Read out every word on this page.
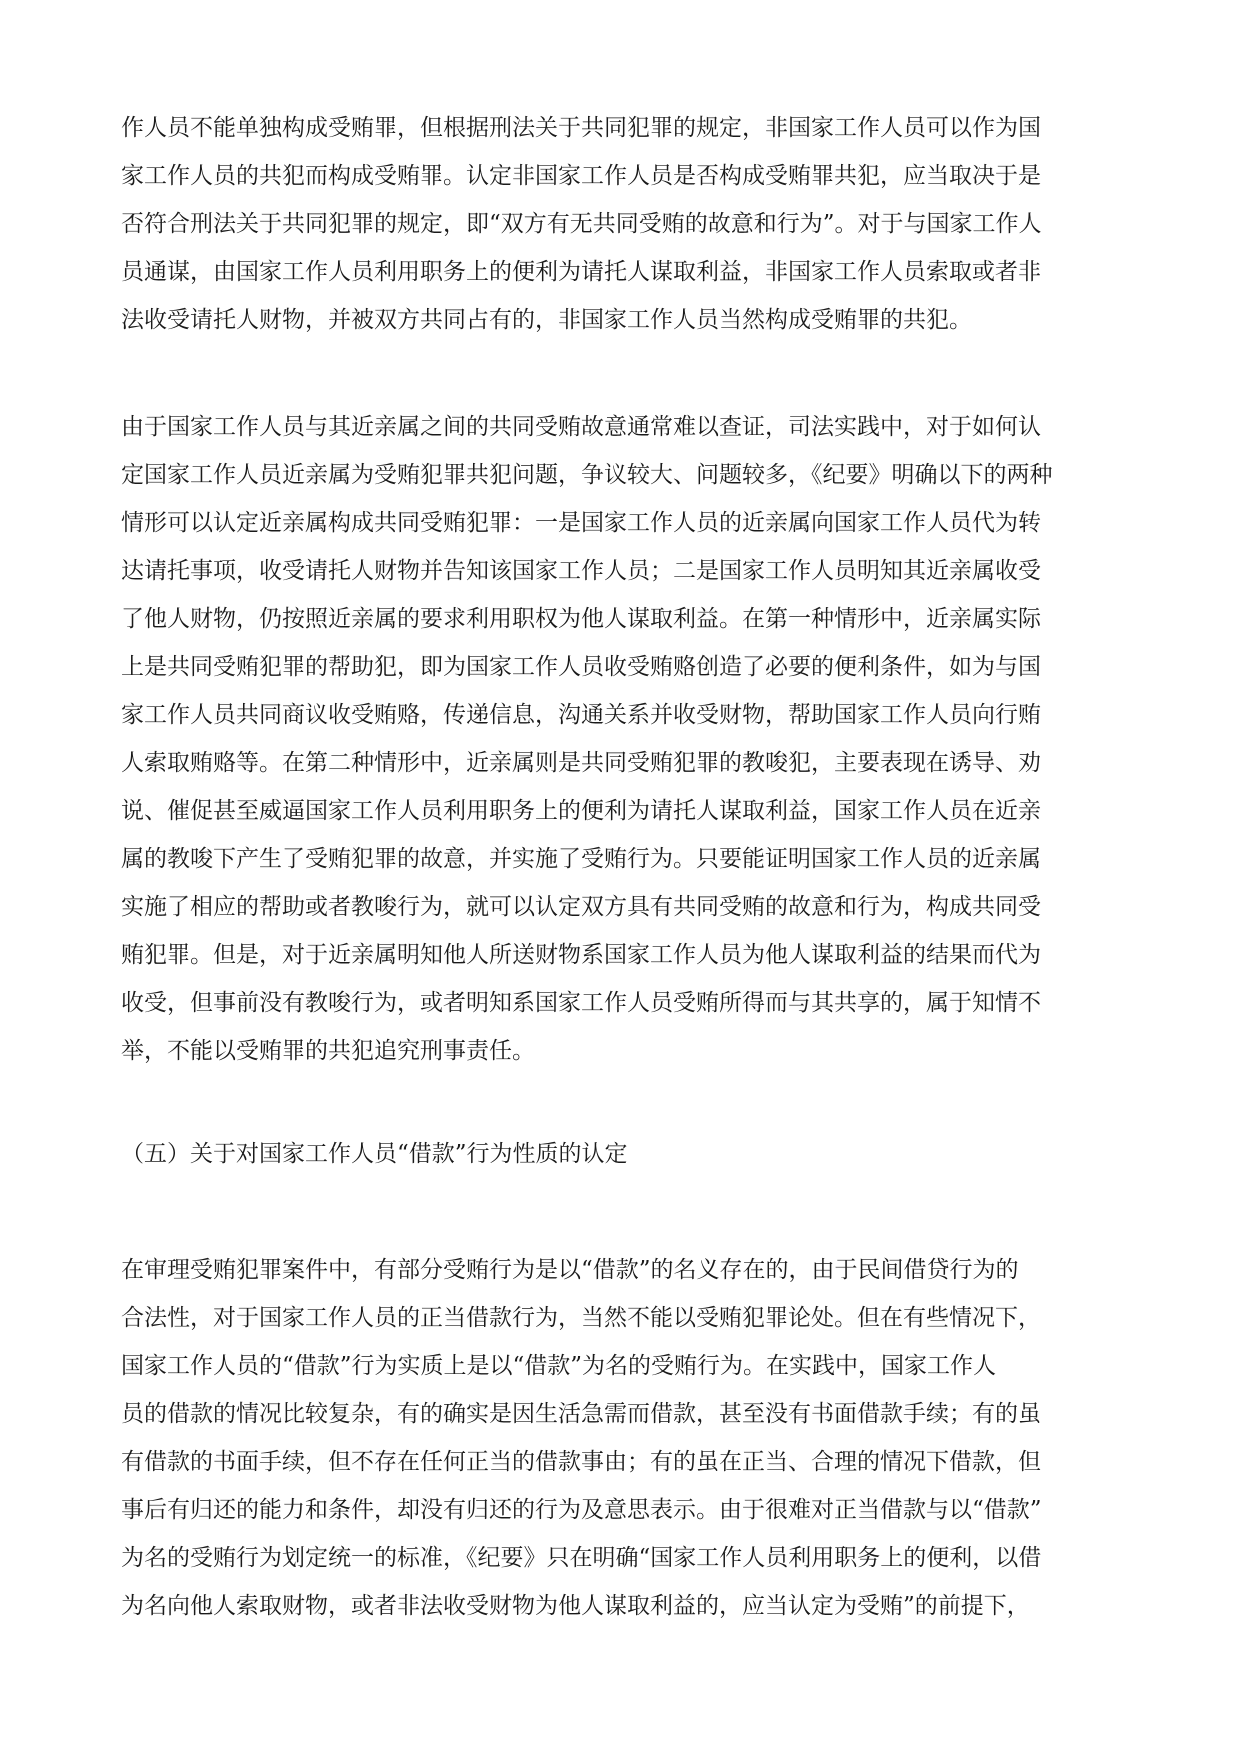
作人员不能单独构成受贿罪，但根据刑法关于共同犯罪的规定，非国家工作人员可以作为国
家工作人员的共犯而构成受贿罪。认定非国家工作人员是否构成受贿罪共犯，应当取决于是
否符合刑法关于共同犯罪的规定，即“双方有无共同受贿的故意和行为”。对于与国家工作人
员通谋，由国家工作人员利用职务上的便利为请托人谋取利益，非国家工作人员索取或者非
法收受请托人财物，并被双方共同占有的，非国家工作人员当然构成受贿罪的共犯。
由于国家工作人员与其近亲属之间的共同受贿故意通常难以查证，司法实践中，对于如何认
定国家工作人员近亲属为受贿犯罪共犯问题，争议较大、问题较多，《纪要》明确以下的两种
情形可以认定近亲属构成共同受贿犯罪：一是国家工作人员的近亲属向国家工作人员代为转
达请托事项，收受请托人财物并告知该国家工作人员；二是国家工作人员明知其近亲属收受
了他人财物，仍按照近亲属的要求利用职权为他人谋取利益。在第一种情形中，近亲属实际
上是共同受贿犯罪的帮助犯，即为国家工作人员收受贿赂创造了必要的便利条件，如为与国
家工作人员共同商议收受贿赂，传递信息，沟通关系并收受财物，帮助国家工作人员向行贿
人索取贿赂等。在第二种情形中，近亲属则是共同受贿犯罪的教唆犯，主要表现在诱导、劝
说、催促甚至威逼国家工作人员利用职务上的便利为请托人谋取利益，国家工作人员在近亲
属的教唆下产生了受贿犯罪的故意，并实施了受贿行为。只要能证明国家工作人员的近亲属
实施了相应的帮助或者教唆行为，就可以认定双方具有共同受贿的故意和行为，构成共同受
贿犯罪。但是，对于近亲属明知他人所送财物系国家工作人员为他人谋取利益的结果而代为
收受，但事前没有教唆行为，或者明知系国家工作人员受贿所得而与其共享的，属于知情不
举，不能以受贿罪的共犯追究刑事责任。
（五）关于对国家工作人员“借款”行为性质的认定
在审理受贿犯罪案件中，有部分受贿行为是以“借款”的名义存在的，由于民间借贷行为的
合法性，对于国家工作人员的正当借款行为，当然不能以受贿犯罪论处。但在有些情况下，
国家工作人员的“借款”行为实质上是以“借款”为名的受贿行为。在实践中，国家工作人
员的借款的情况比较复杂，有的确实是因生活急需而借款，甚至没有书面借款手续；有的虽
有借款的书面手续，但不存在任何正当的借款事由；有的虽在正当、合理的情况下借款，但
事后有归还的能力和条件，却没有归还的行为及意思表示。由于很难对正当借款与以“借款”
为名的受贿行为划定统一的标准，《纪要》只在明确“国家工作人员利用职务上的便利，以借
为名向他人索取财物，或者非法收受财物为他人谋取利益的，应当认定为受贿”的前提下，
